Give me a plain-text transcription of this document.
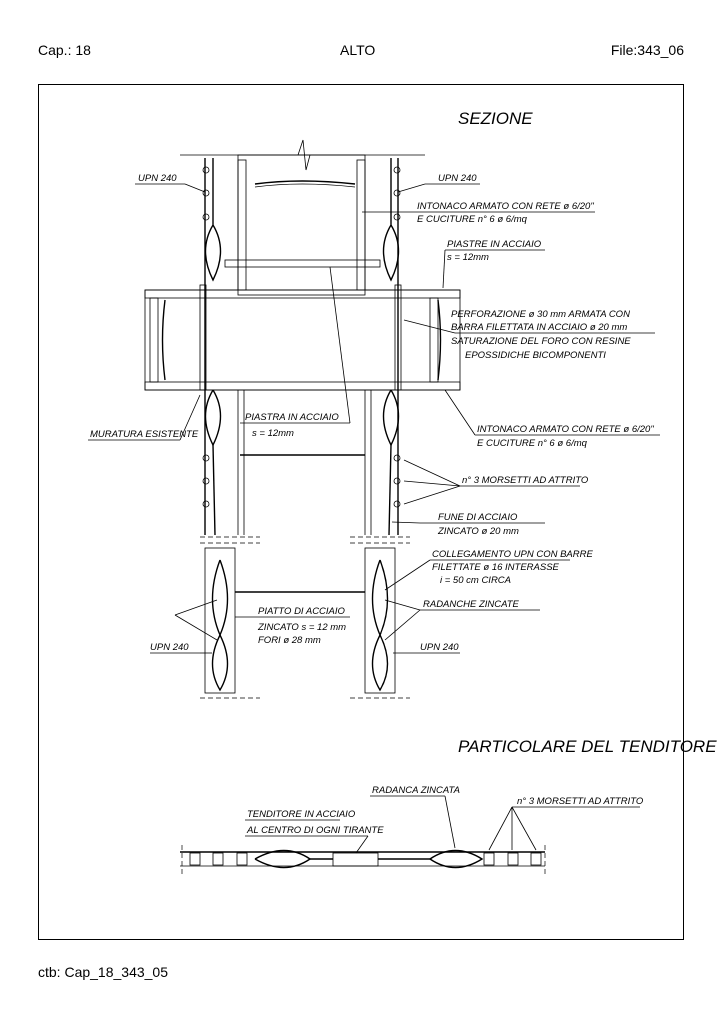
Cap.: 18	ALTO	File:343_06
SEZIONE
PARTICOLARE DEL TENDITORE
UPN 240	UPN 240
INTONACO ARMATO CON RETE ø 6/20"
E CUCITURE n° 6 ø 6/mq
PIASTRE IN ACCIAIO
s = 12mm
PERFORAZIONE ø 30 mm ARMATA CON
BARRA FILETTATA IN ACCIAIO ø 20 mm
SATURAZIONE DEL FORO CON RESINE
EPOSSIDICHE BICOMPONENTI
MURATURA ESISTENTE
PIASTRA IN ACCIAIO
s = 12mm	INTONACO ARMATO CON RETE ø 6/20"
E CUCITURE n° 6 ø 6/mq
n° 3 MORSETTI AD ATTRITO
FUNE DI ACCIAIO
ZINCATO ø 20 mm
COLLEGAMENTO UPN CON BARRE
FILETTATE ø 16 INTERASSE
i = 50 cm CIRCA
RADANCHE ZINCATE
PIATTO DI ACCIAIO
ZINCATO s = 12 mm
FORI ø 28 mm
UPN 240	UPN 240
RADANCA ZINCATA
TENDITORE IN ACCIAIO
AL CENTRO DI OGNI TIRANTE
n° 3 MORSETTI AD ATTRITO
ctb: Cap_18_343_05
